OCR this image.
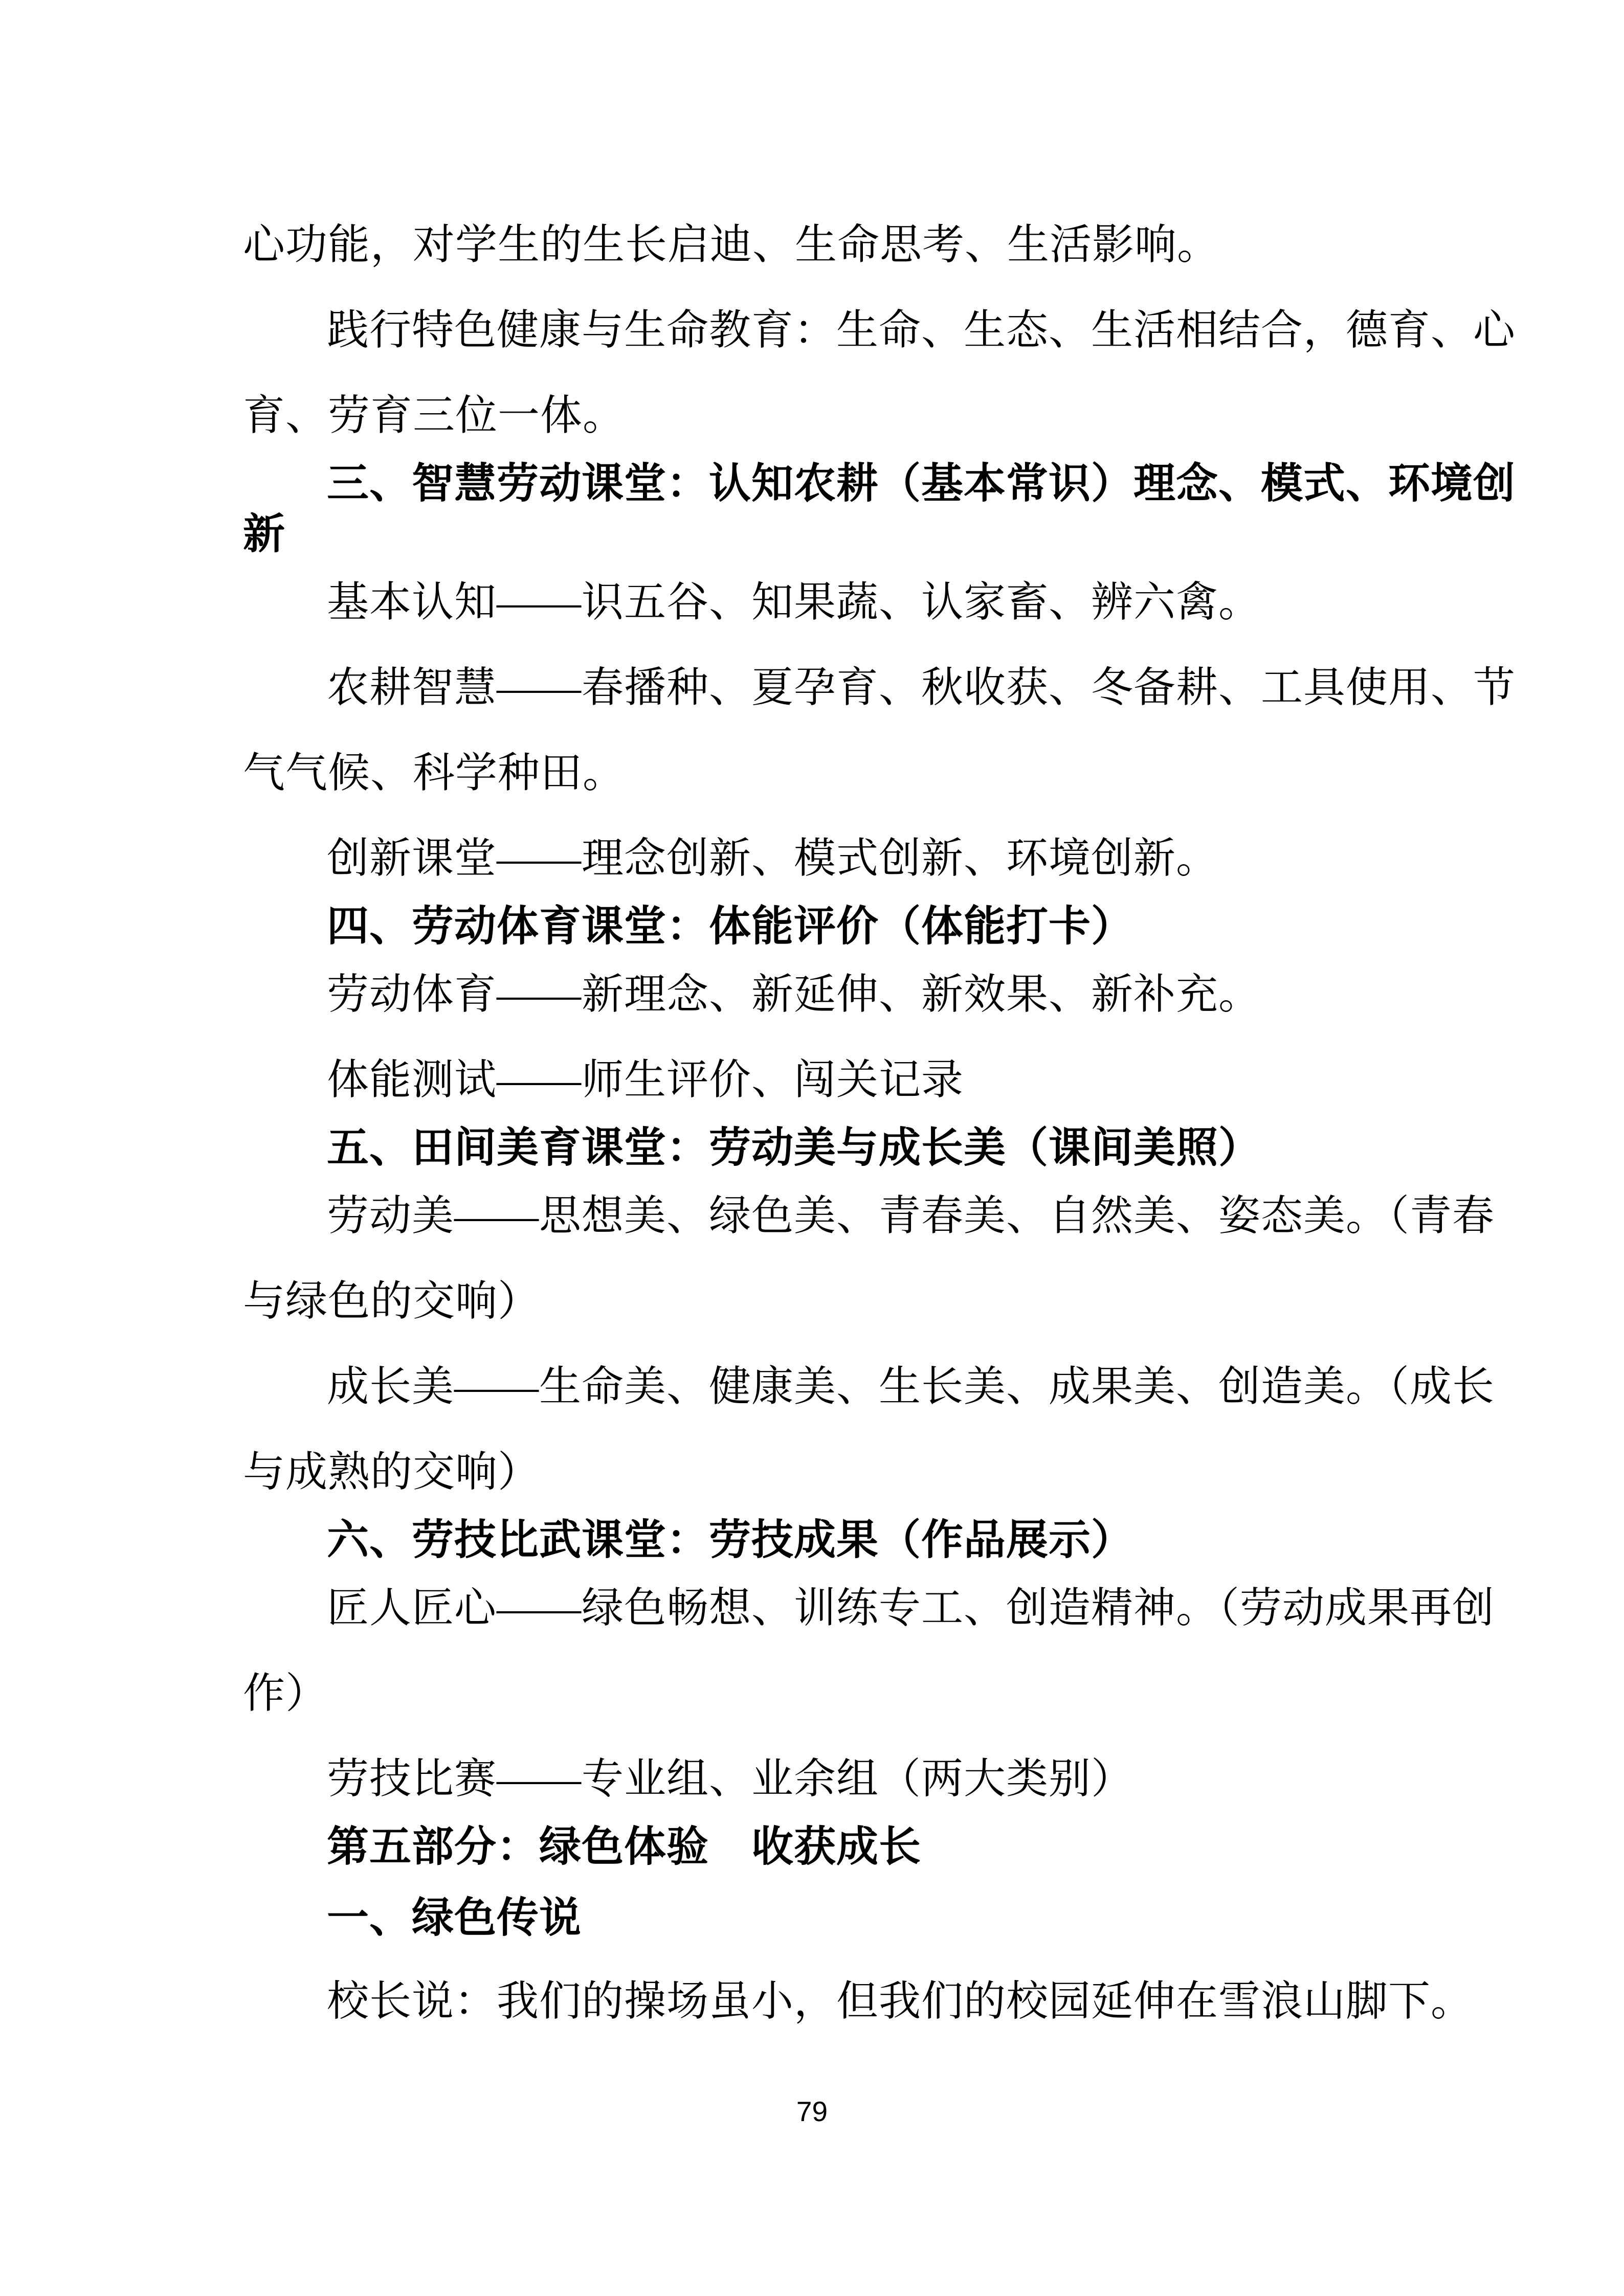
心功能，对学生的生长启迪、生命思考、生活影响。
践行特色健康与生命教育：生命、生态、生活相结合，德育、心
育、劳育三位一体。
三、智慧劳动课堂：认知农耕（基本常识）理念、模式、环境创
新
基本认知——识五谷、知果蔬、认家畜、辨六禽。
农耕智慧——春播种、夏孕育、秋收获、冬备耕、工具使用、节
气气候、科学种田。
创新课堂——理念创新、模式创新、环境创新。
四、劳动体育课堂：体能评价（体能打卡）
劳动体育——新理念、新延伸、新效果、新补充。
体能测试——师生评价、闯关记录
五、田间美育课堂：劳动美与成长美（课间美照）
劳动美——思想美、绿色美、青春美、自然美、姿态美。（青春
与绿色的交响）
成长美——生命美、健康美、生长美、成果美、创造美。（成长
与成熟的交响）
六、劳技比武课堂：劳技成果（作品展示）
匠人匠心——绿色畅想、训练专工、创造精神。（劳动成果再创
作）
劳技比赛——专业组、业余组（两大类别）
第五部分：绿色体验　收获成长
一、绿色传说
校长说：我们的操场虽小，但我们的校园延伸在雪浪山脚下。
79
